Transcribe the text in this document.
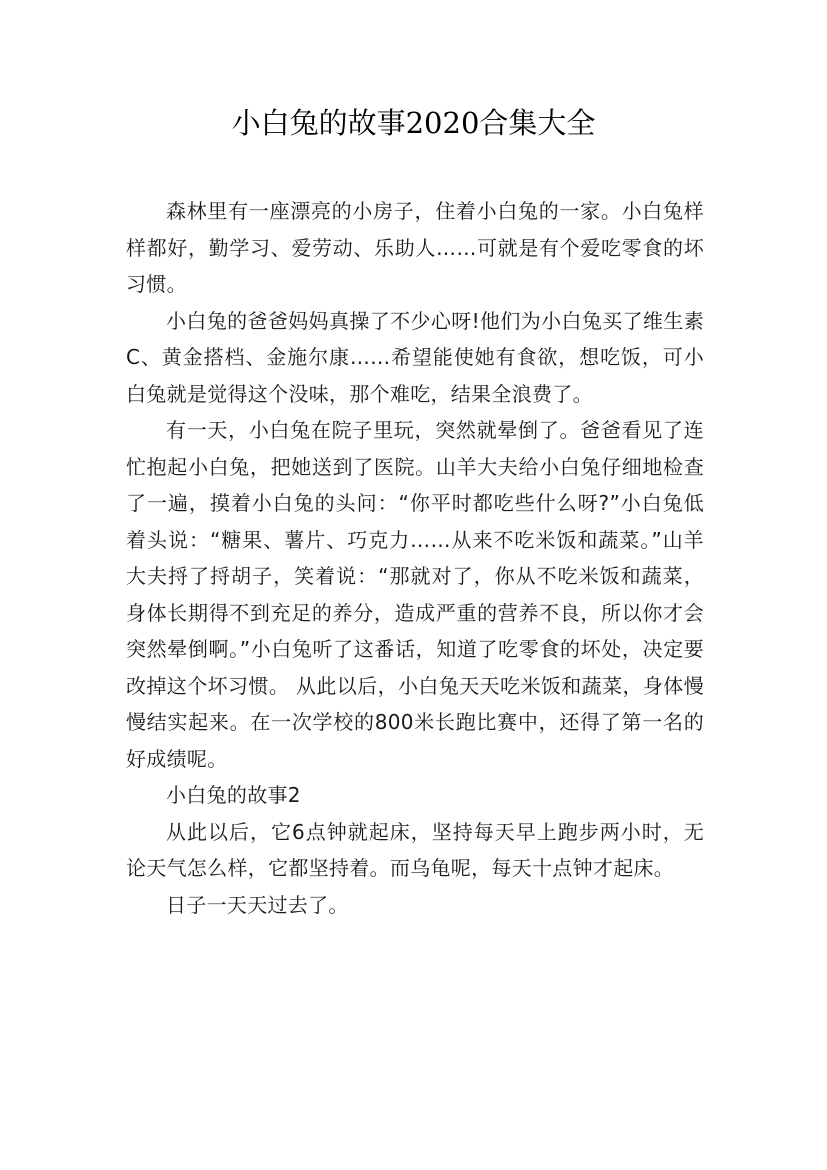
小白兔的故事2020合集大全

森林里有一座漂亮的小房子，住着小白兔的一家。小白兔样样都好，勤学习、爱劳动、乐助人……可就是有个爱吃零食的坏习惯。

小白兔的爸爸妈妈真操了不少心呀!他们为小白兔买了维生素C、黄金搭档、金施尔康……希望能使她有食欲，想吃饭，可小白兔就是觉得这个没味，那个难吃，结果全浪费了。

有一天，小白兔在院子里玩，突然就晕倒了。爸爸看见了连忙抱起小白兔，把她送到了医院。山羊大夫给小白兔仔细地检查了一遍，摸着小白兔的头问：“你平时都吃些什么呀?”小白兔低着头说：“糖果、薯片、巧克力……从来不吃米饭和蔬菜。”山羊大夫捋了捋胡子，笑着说：“那就对了，你从不吃米饭和蔬菜，身体长期得不到充足的养分，造成严重的营养不良，所以你才会突然晕倒啊。”小白兔听了这番话，知道了吃零食的坏处，决定要改掉这个坏习惯。 从此以后，小白兔天天吃米饭和蔬菜，身体慢慢结实起来。在一次学校的800米长跑比赛中，还得了第一名的好成绩呢。

小白兔的故事2

从此以后，它6点钟就起床，坚持每天早上跑步两小时，无论天气怎么样，它都坚持着。而乌龟呢，每天十点钟才起床。

日子一天天过去了。
